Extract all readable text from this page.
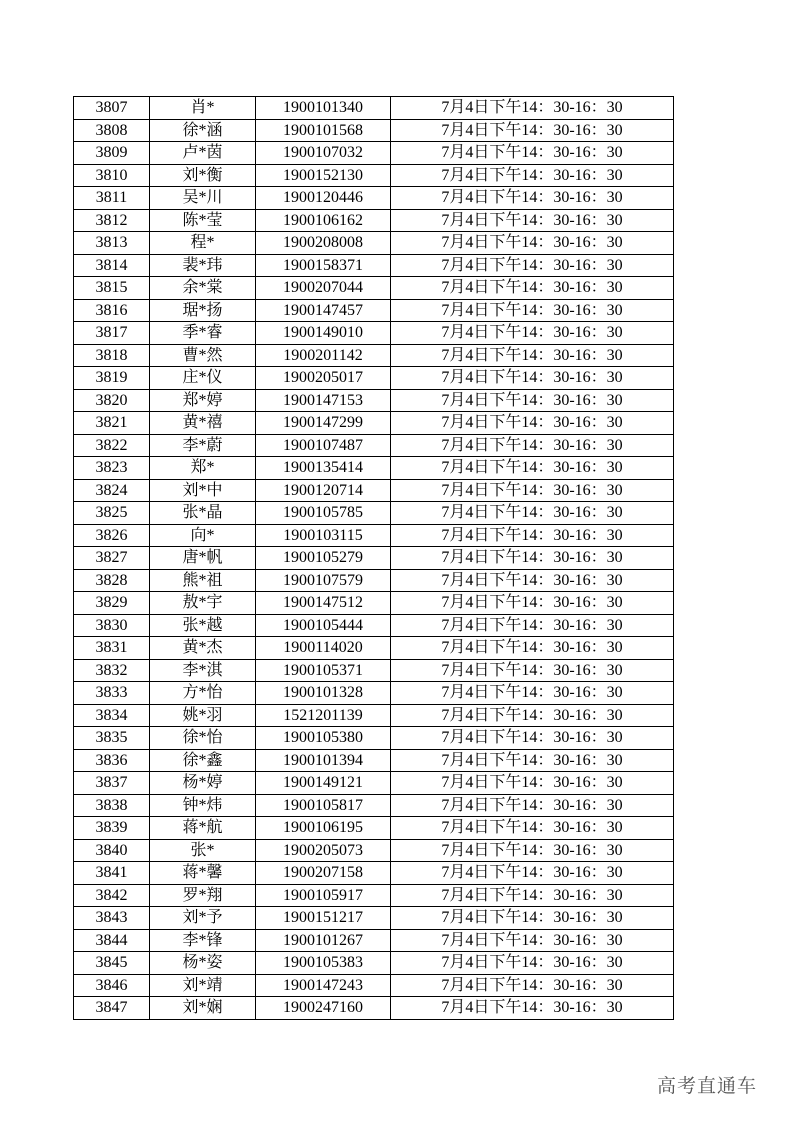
3807	肖*	1900101340	7月4日下午14：30-16：30
3808	徐*涵	1900101568	7月4日下午14：30-16：30
3809	卢*茵	1900107032	7月4日下午14：30-16：30
3810	刘*衡	1900152130	7月4日下午14：30-16：30
3811	吴*川	1900120446	7月4日下午14：30-16：30
3812	陈*莹	1900106162	7月4日下午14：30-16：30
3813	程*	1900208008	7月4日下午14：30-16：30
3814	裴*玮	1900158371	7月4日下午14：30-16：30
3815	余*棠	1900207044	7月4日下午14：30-16：30
3816	琚*扬	1900147457	7月4日下午14：30-16：30
3817	季*睿	1900149010	7月4日下午14：30-16：30
3818	曹*然	1900201142	7月4日下午14：30-16：30
3819	庄*仪	1900205017	7月4日下午14：30-16：30
3820	郑*婷	1900147153	7月4日下午14：30-16：30
3821	黄*禧	1900147299	7月4日下午14：30-16：30
3822	李*蔚	1900107487	7月4日下午14：30-16：30
3823	郑*	1900135414	7月4日下午14：30-16：30
3824	刘*中	1900120714	7月4日下午14：30-16：30
3825	张*晶	1900105785	7月4日下午14：30-16：30
3826	向*	1900103115	7月4日下午14：30-16：30
3827	唐*帆	1900105279	7月4日下午14：30-16：30
3828	熊*祖	1900107579	7月4日下午14：30-16：30
3829	敖*宇	1900147512	7月4日下午14：30-16：30
3830	张*越	1900105444	7月4日下午14：30-16：30
3831	黄*杰	1900114020	7月4日下午14：30-16：30
3832	李*淇	1900105371	7月4日下午14：30-16：30
3833	方*怡	1900101328	7月4日下午14：30-16：30
3834	姚*羽	1521201139	7月4日下午14：30-16：30
3835	徐*怡	1900105380	7月4日下午14：30-16：30
3836	徐*鑫	1900101394	7月4日下午14：30-16：30
3837	杨*婷	1900149121	7月4日下午14：30-16：30
3838	钟*炜	1900105817	7月4日下午14：30-16：30
3839	蒋*航	1900106195	7月4日下午14：30-16：30
3840	张*	1900205073	7月4日下午14：30-16：30
3841	蒋*馨	1900207158	7月4日下午14：30-16：30
3842	罗*翔	1900105917	7月4日下午14：30-16：30
3843	刘*予	1900151217	7月4日下午14：30-16：30
3844	李*锋	1900101267	7月4日下午14：30-16：30
3845	杨*姿	1900105383	7月4日下午14：30-16：30
3846	刘*靖	1900147243	7月4日下午14：30-16：30
3847	刘*娴	1900247160	7月4日下午14：30-16：30
高考直通车
